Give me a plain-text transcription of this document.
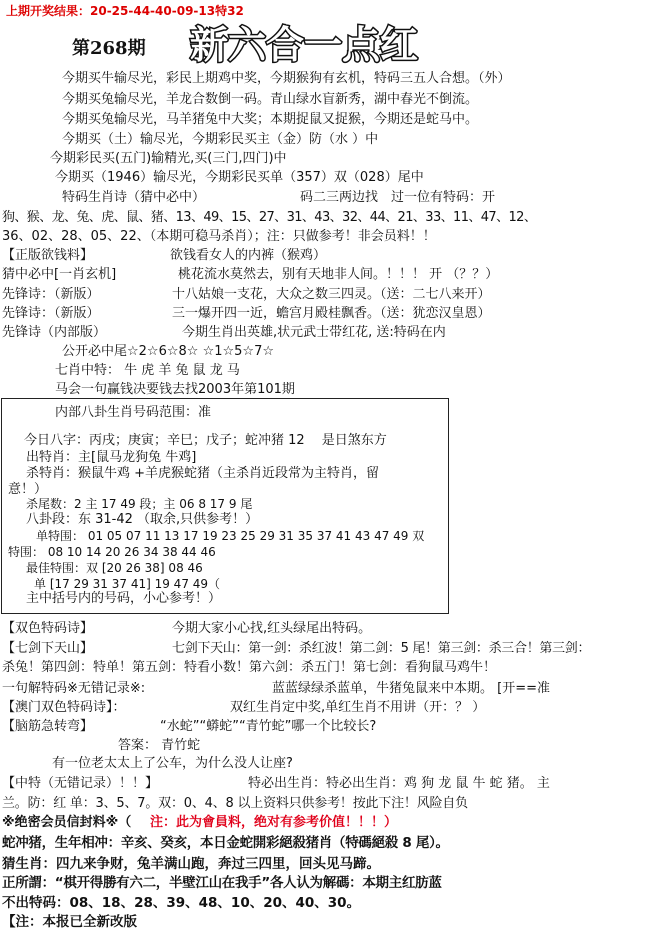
上期开奖结果：20-25-44-40-09-13特32
第268期 新六合一点红
今期买牛输尽光，彩民上期鸡中奖，今期猴狗有玄机，特码三五人合想。（外）
今期买兔输尽光，羊龙合数倒一码。青山绿水盲新秀，湖中春光不倒流。
今期买兔输尽光，马羊猪兔中大奖；本期捉鼠又捉猴，今期还是蛇马中。
今期买（土）输尽光，今期彩民买主（金）防（水 ）中
今期彩民买(五门)输精光,买(三门,四门)中
今期买（1946）输尽光，今期彩民买单（357）双（028）尾中
特码生肖诗（猜中必中）	码二三两边找　过一位有特码：开
狗、猴、龙、兔、虎、鼠、猪、13、49、15、27、31、43、32、44、21、33、11、47、12、
36、02、28、05、22、（本期可稳马杀肖）；注：只做参考！非会员料！！
【正版欲钱料】	欲钱看女人的内裤（猴鸡）
猜中必中[一肖玄机]	桃花流水莫然去，别有天地非人间。！！！ 开 （？？）
先锋诗：（新版）	十八姑娘一支花，大众之数三四灵。（送：二七八来开）
先锋诗：（新版）	三一爆开四一近，蟾宫月殿桂飘香。（送：犹恋汉皇恩）
先锋诗（内部版）	今期生肖出英雄,状元武士带红花, 送:特码在内
公开必中尾☆2☆6☆8☆ ☆1☆5☆7☆
七肖中特： 牛 虎 羊 兔 鼠 龙 马
马会一句赢钱决要钱去找2003年第101期
内部八卦生肖号码范围：准
今日八字：丙戌；庚寅；辛巳；戊子；蛇冲猪 12　 是日煞东方
出特肖：主[鼠马龙狗兔 牛鸡]
杀特肖：猴鼠牛鸡 +羊虎猴蛇猪（主杀肖近段常为主特肖，留
意！）
杀尾数：2 主 17 49 段；主 06 8 17 9 尾
八卦段：东 31-42 （取余,只供参考！）
单特围： 01 05 07 11 13 17 19 23 25 29 31 35 37 41 43 47 49 双
特围： 08 10 14 20 26 34 38 44 46
最佳特围：双 [20 26 38] 08 46
单 [17 29 31 37 41] 19 47 49（
主中括号内的号码，小心参考！）
【双色特码诗】	今期大家小心找,红头绿尾出特码。
【七剑下天山】	七剑下天山：第一剑：杀红波！第二剑：5 尾！第三剑：杀三合！第三剑：
杀兔！第四剑：特单！第五剑：特看小数！第六剑：杀五门！第七剑：看狗鼠马鸡牛！
一句解特码※无错记录※:	蓝蓝绿绿杀蓝单，牛猪兔鼠来中本期。 [开==准
【澳门双色特码诗】：	双红生肖定中奖,单红生肖不用讲（开：？ ）
【脑筋急转弯】	“水蛇”“蟒蛇”“青竹蛇”哪一个比较长?
答案： 青竹蛇
有一位老太太上了公车，为什么没人让座?
【中特（无错记录）！！】	特必出生肖：特必出生肖：鸡 狗 龙 鼠 牛 蛇 猪。 主
兰。防：红 单：3、5、7。双：0、4、8 以上资料只供参考！按此下注！风险自负
※绝密会员信封料※（ 注：此为會員料，绝对有参考价值！！！）
蛇冲猪，生年相冲：辛亥、癸亥，本日金蛇開彩絕殺猪肖（特碼絕殺 8 尾）。
猜生肖：四九来争财，兔羊满山跑，奔过三四里，回头见马蹄。
正所謂：“棋开得勝有六二，半壁江山在我手”各人认为解碼：本期主红肪蓝
不出特码：08、18、28、39、48、10、20、40、30。
【注：本报已全新改版
